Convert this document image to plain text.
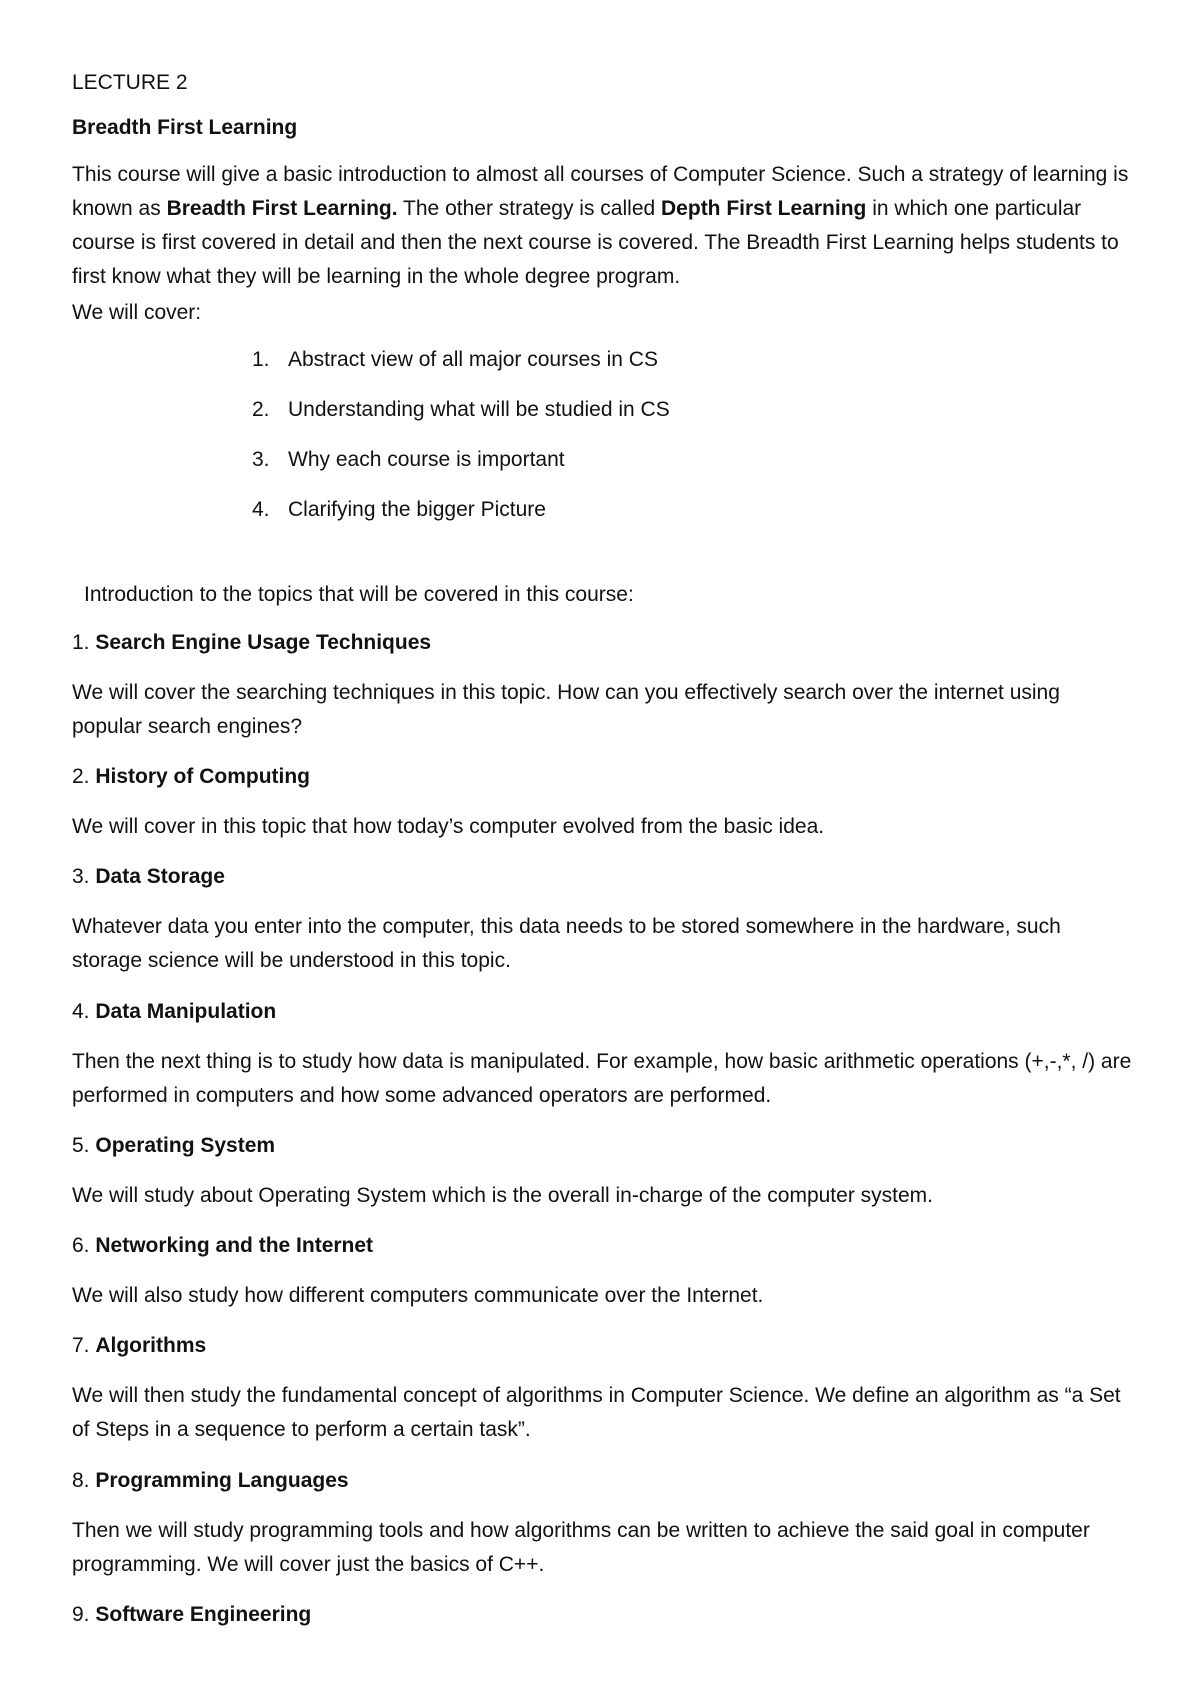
LECTURE 2

Breadth First Learning

This course will give a basic introduction to almost all courses of Computer Science. Such a strategy of learning is known as Breadth First Learning. The other strategy is called Depth First Learning in which one particular course is first covered in detail and then the next course is covered. The Breadth First Learning helps students to first know what they will be learning in the whole degree program.

We will cover:

1. Abstract view of all major courses in CS
2. Understanding what will be studied in CS
3. Why each course is important
4. Clarifying the bigger Picture

Introduction to the topics that will be covered in this course:

1. Search Engine Usage Techniques

We will cover the searching techniques in this topic. How can you effectively search over the internet using popular search engines?

2. History of Computing

We will cover in this topic that how today’s computer evolved from the basic idea.

3. Data Storage

Whatever data you enter into the computer, this data needs to be stored somewhere in the hardware, such storage science will be understood in this topic.

4. Data Manipulation

Then the next thing is to study how data is manipulated. For example, how basic arithmetic operations (+,-,*, /) are performed in computers and how some advanced operators are performed.

5. Operating System

We will study about Operating System which is the overall in-charge of the computer system.

6. Networking and the Internet

We will also study how different computers communicate over the Internet.

7. Algorithms

We will then study the fundamental concept of algorithms in Computer Science. We define an algorithm as “a Set of Steps in a sequence to perform a certain task”.

8. Programming Languages

Then we will study programming tools and how algorithms can be written to achieve the said goal in computer programming. We will cover just the basics of C++.

9. Software Engineering
